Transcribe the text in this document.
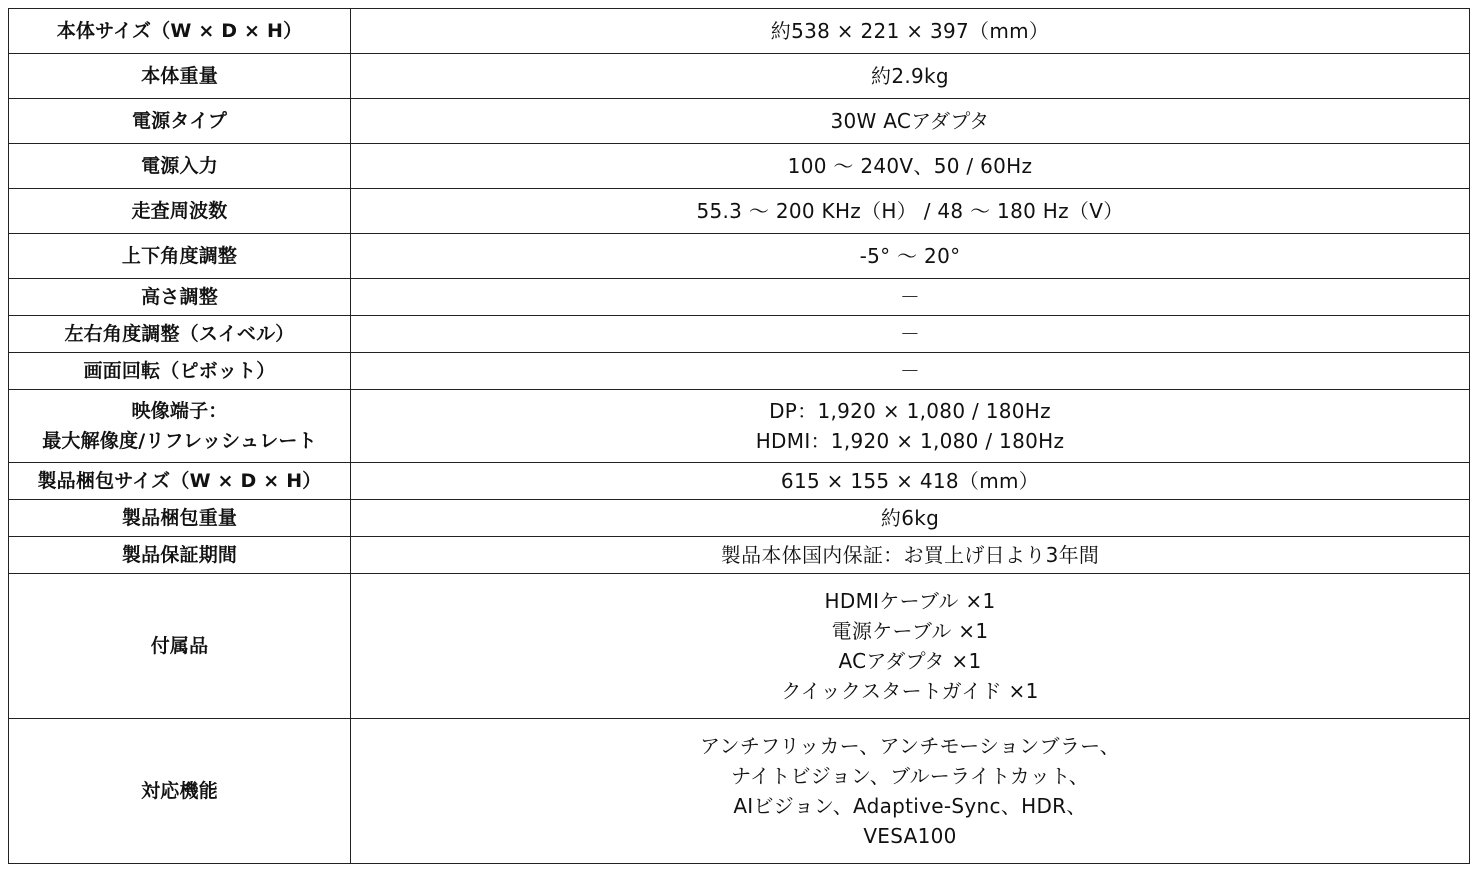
本体サイズ（W × D × H）	約538 × 221 × 397（mm）

本体重量	約2.9kg

電源タイプ	30W ACアダプタ

電源入力	100 ～ 240V、50 / 60Hz

走査周波数	55.3 ～ 200 KHz（H） / 48 ～ 180 Hz（V）

上下角度調整	-5° ～ 20°

高さ調整	－

左右角度調整（スイベル）	－

画面回転（ピボット）	－

映像端子：
最大解像度/リフレッシュレート	DP：1,920 × 1,080 / 180Hz
HDMI：1,920 × 1,080 / 180Hz

製品梱包サイズ（W × D × H）	615 × 155 × 418（mm）

製品梱包重量	約6kg

製品保証期間	製品本体国内保証：お買上げ日より3年間

付属品	HDMIケーブル ×1
電源ケーブル ×1
ACアダプタ ×1
クイックスタートガイド ×1

対応機能	アンチフリッカー、アンチモーションブラー、
ナイトビジョン、ブルーライトカット、
AIビジョン、Adaptive-Sync、HDR、
VESA100
